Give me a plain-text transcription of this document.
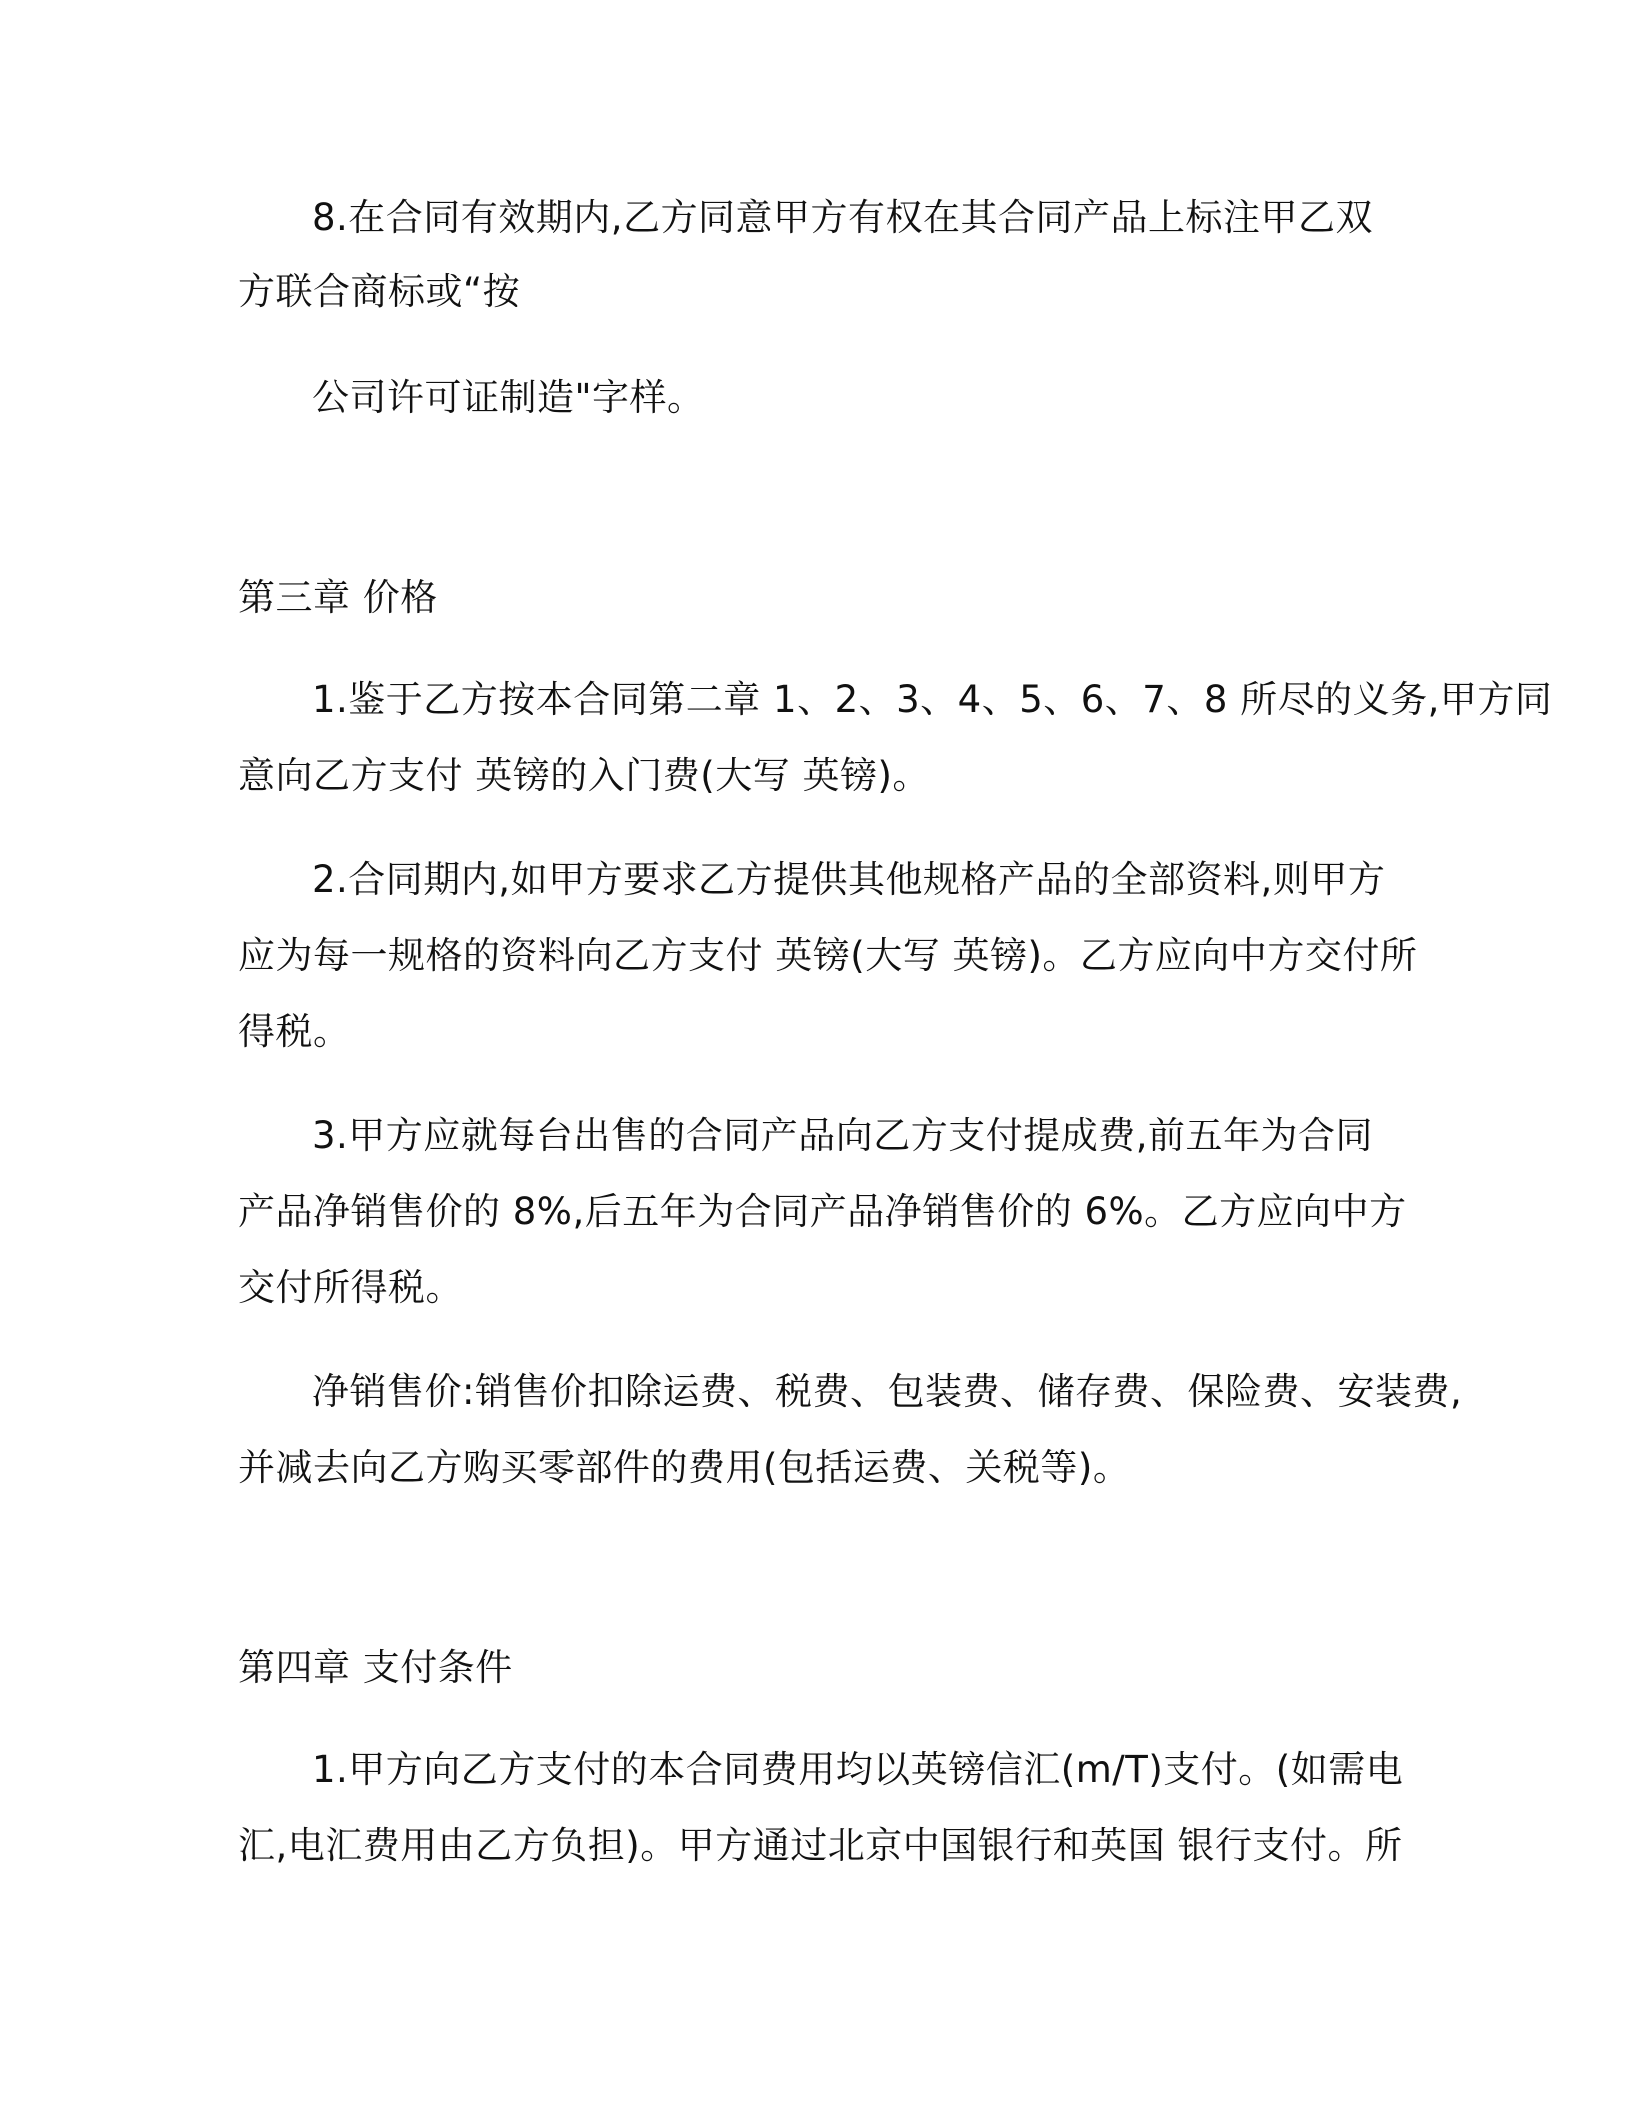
8.在合同有效期内,乙方同意甲方有权在其合同产品上标注甲乙双
方联合商标或“按
公司许可证制造"字样。
第三章 价格
1.鉴于乙方按本合同第二章 1、2、3、4、5、6、7、8 所尽的义务,甲方同
意向乙方支付 英镑的入门费(大写 英镑)。
2.合同期内,如甲方要求乙方提供其他规格产品的全部资料,则甲方
应为每一规格的资料向乙方支付 英镑(大写 英镑)。乙方应向中方交付所
得税。
3.甲方应就每台出售的合同产品向乙方支付提成费,前五年为合同
产品净销售价的 8%,后五年为合同产品净销售价的 6%。乙方应向中方
交付所得税。
净销售价:销售价扣除运费、税费、包装费、储存费、保险费、安装费,
并减去向乙方购买零部件的费用(包括运费、关税等)。
第四章 支付条件
1.甲方向乙方支付的本合同费用均以英镑信汇(m/T)支付。(如需电
汇,电汇费用由乙方负担)。甲方通过北京中国银行和英国 银行支付。所
